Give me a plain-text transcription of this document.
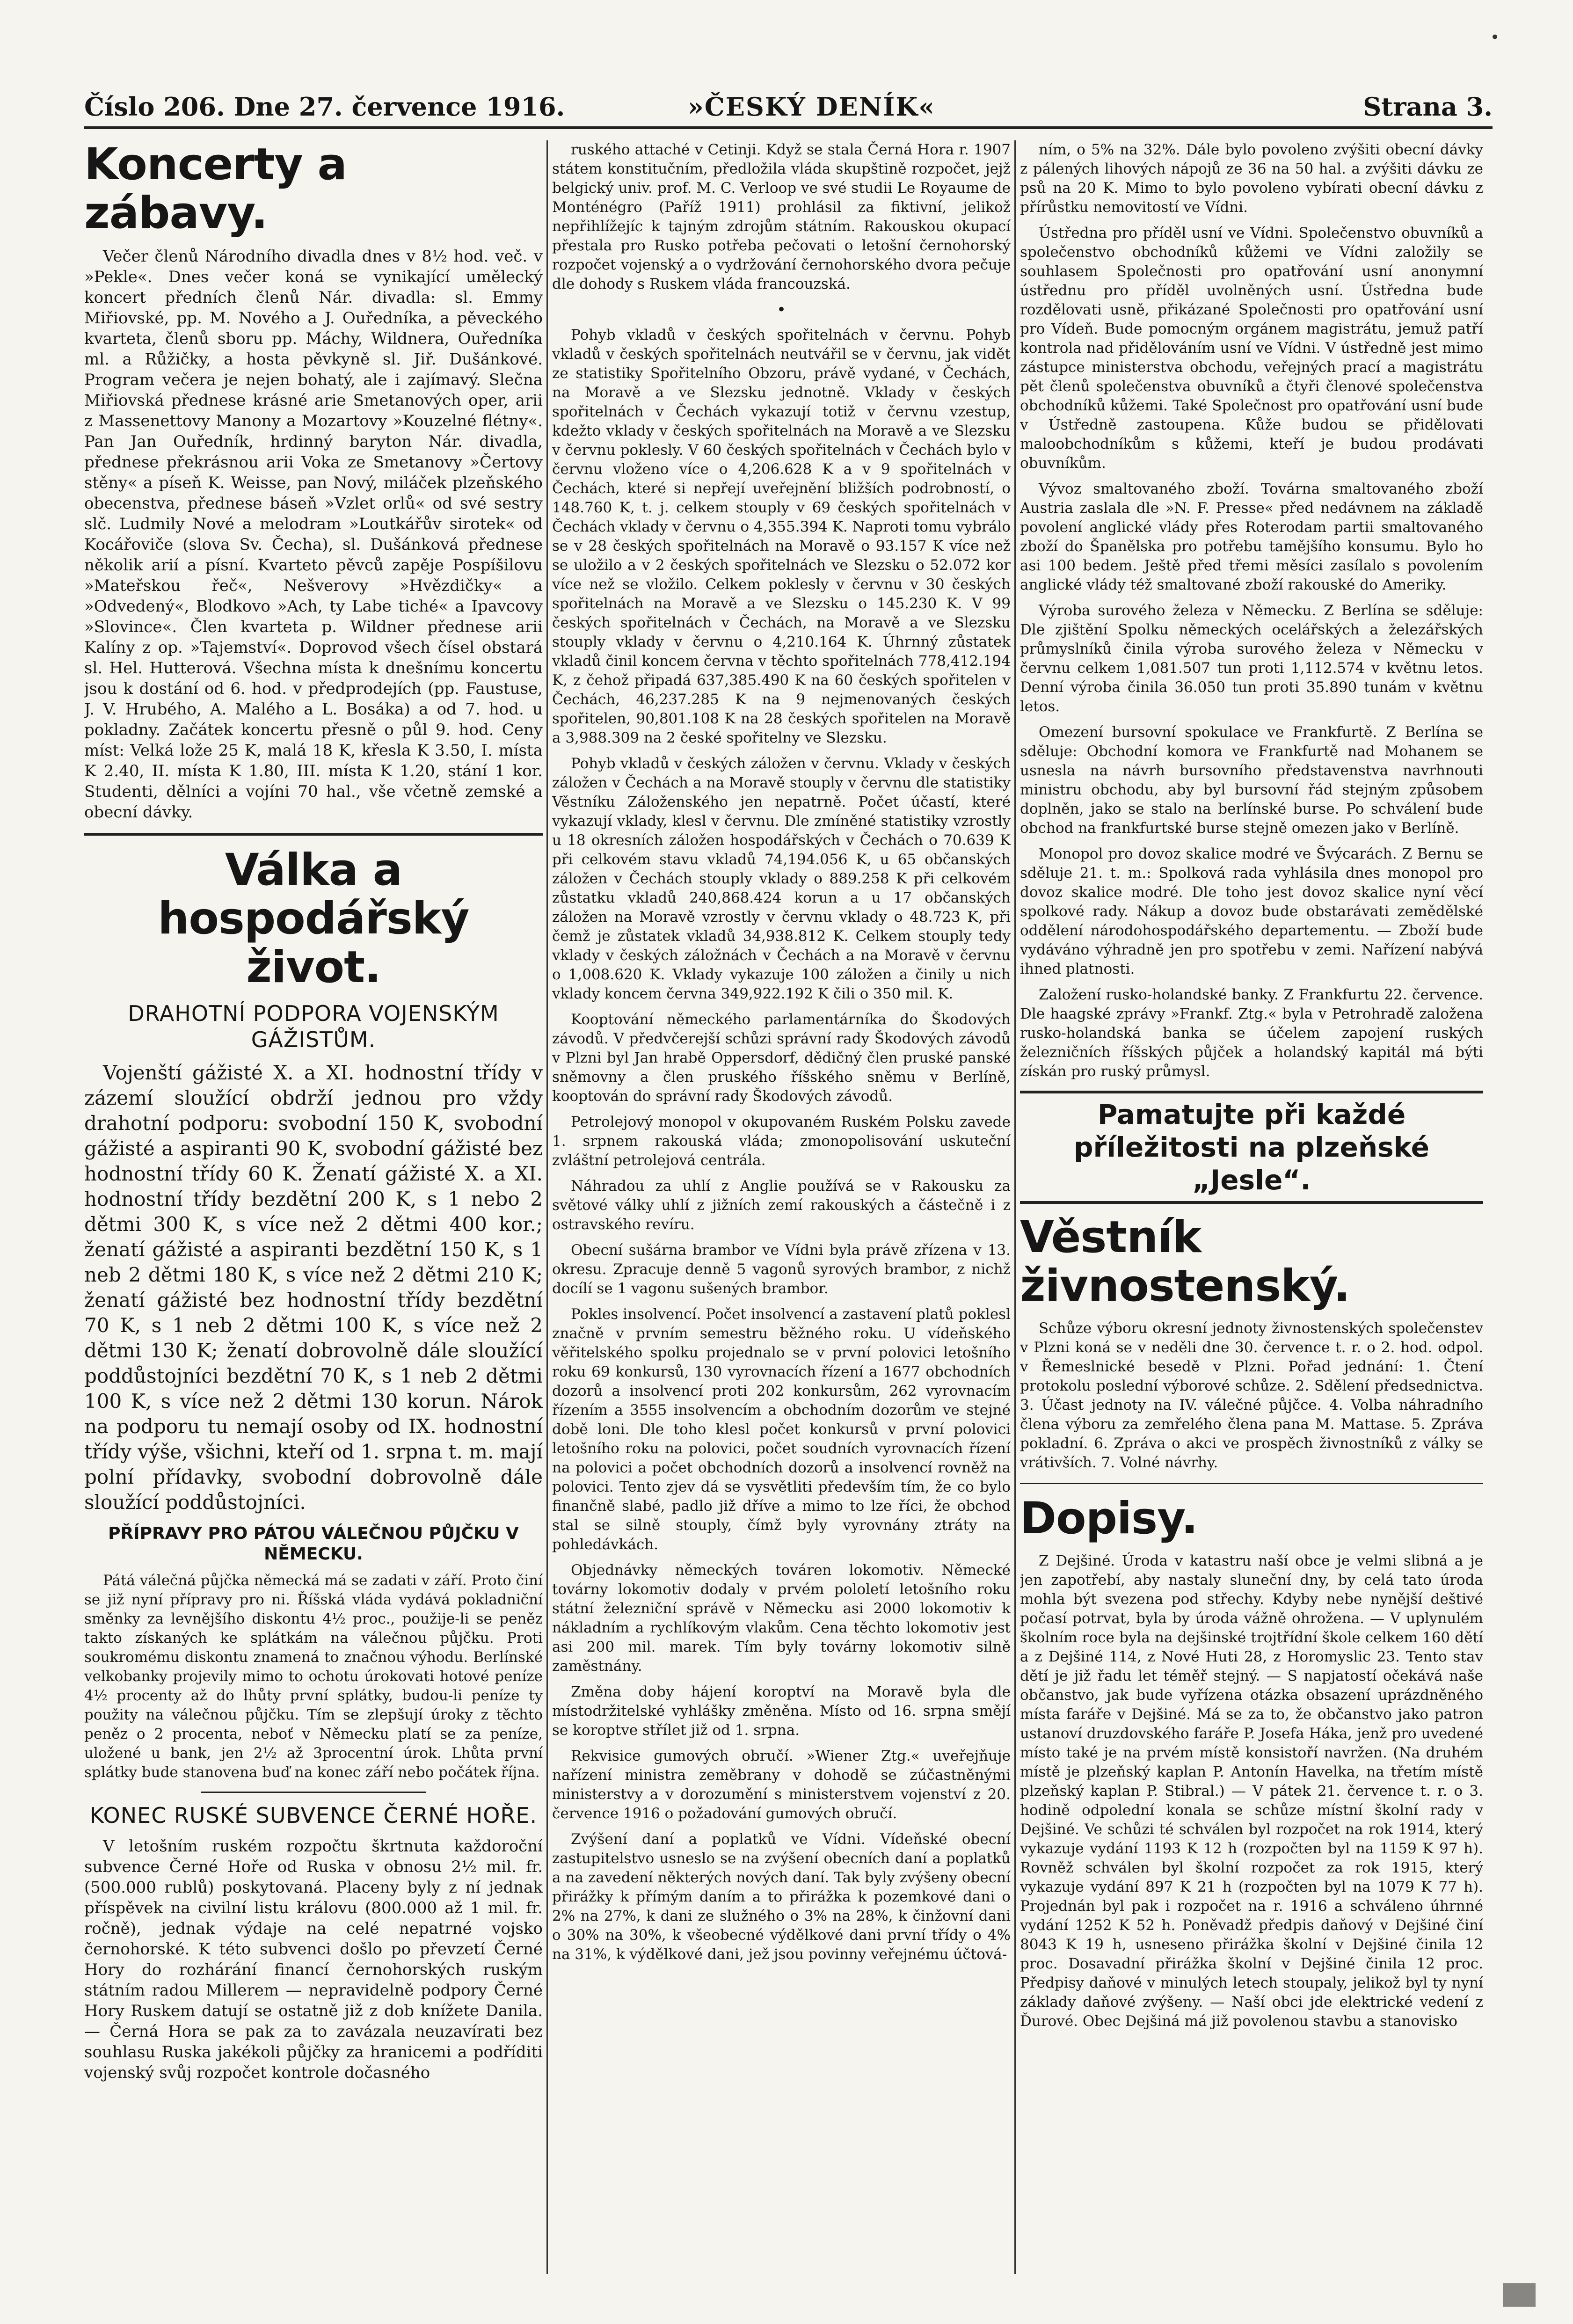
Číslo 206. Dne 27. července 1916.	»ČESKÝ DENÍK«	Strana 3.
Koncerty a zábavy.

Večer členů Národního divadla dnes v 8½ hod. več. v »Peklе«. Dnes večer koná se vynikající umělecký koncert předních členů Nár. divadla: sl. Emmy Miřiovské, pp. M. Nového a J. Ouředníka, a pěveckého kvarteta, členů sboru pp. Máchy, Wildnera, Ouředníka ml. a Růžičky, a hosta pěvkyně sl. Jiř. Dušánkové. Program večera je nejen bohatý, ale i zajímavý. Slečna Miřiovská přednese krásné arie Smetanových oper, arii z Massenettovy Manony a Mozartovy »Kouzelné flétny«. Pan Jan Ouředník, hrdinný baryton Nár. divadla, přednese překrásnou arii Voka ze Smetanovy »Čertovy stěny« a píseň K. Weisse, pan Nový, miláček plzeňského obecenstva, přednese báseň »Vzlet orlů« od své sestry slč. Ludmily Nové a melodram »Loutkářův sirotek« od Kocářoviče (slova Sv. Čecha), sl. Dušánková přednese několik arií a písní. Kvarteto pěvců zapěje Pospíšilovu »Mateřskou řeč«, Nešverovy »Hvězdičky« a »Odvedený«, Blodkovo »Ach, ty Labe tiché« a Ipavcovy »Slovince«. Člen kvarteta p. Wildner přednese arii Kalíny z op. »Tajemství«. Doprovod všech čísel obstará sl. Hel. Hutterová. Všechna místa k dnešnímu koncertu jsou k dostání od 6. hod. v předprodejích (pp. Faustuse, J. V. Hrubého, A. Malého a L. Bosáka) a od 7. hod. u pokladny. Začátek koncertu přesně o půl 9. hod. Ceny míst: Velká lože 25 K, malá 18 K, křesla K 3.50, I. místa K 2.40, II. místa K 1.80, III. místa K 1.20, stání 1 kor. Studenti, dělníci a vojíni 70 hal., vše včetně zemské a obecní dávky.

Válka a hospodářský život.
DRAHOTNÍ PODPORA VOJENSKÝM GÁŽISTŮM.

Vojenští gážisté X. a XI. hodnostní třídy v zázemí sloužící obdrží jednou pro vždy drahotní podporu: svobodní 150 K, svobodní gážisté a aspiranti 90 K, svobodní gážisté bez hodnostní třídy 60 K. Ženatí gážisté X. a XI. hodnostní třídy bezdětní 200 K, s 1 nebo 2 dětmi 300 K, s více než 2 dětmi 400 kor.; ženatí gážisté a aspiranti bezdětní 150 K, s 1 neb 2 dětmi 180 K, s více než 2 dětmi 210 K; ženatí gážisté bez hodnostní třídy bezdětní 70 K, s 1 neb 2 dětmi 100 K, s více než 2 dětmi 130 K; ženatí dobrovolně dále sloužící poddůstojníci bezdětní 70 K, s 1 neb 2 dětmi 100 K, s více než 2 dětmi 130 korun. Nárok na podporu tu nemají osoby od IX. hodnostní třídy výše, všichni, kteří od 1. srpna t. m. mají polní přídavky, svobodní dobrovolně dále sloužící poddůstojníci.

PŘÍPRAVY PRO PÁTOU VÁLEČNOU PŮJČKU V NĚMECKU.

Pátá válečná půjčka německá má se zadati v září. Proto činí se již nyní přípravy pro ni. Říšská vláda vydává pokladniční směnky za levnějšího diskontu 4½ proc., použije-li se peněz takto získaných ke splátkám na válečnou půjčku. Proti soukromému diskontu znamená to značnou výhodu. Berlínské velkobanky projevily mimo to ochotu úrokovati hotové peníze 4½ procenty až do lhůty první splátky, budou-li peníze ty použity na válečnou půjčku. Tím se zlepšují úroky z těchto peněz o 2 procenta, neboť v Německu platí se za peníze, uložené u bank, jen 2½ až 3procentní úrok. Lhůta první splátky bude stanovena buď na konec září nebo počátek října.

KONEC RUSKÉ SUBVENCE ČERNÉ HOŘE.

V letošním ruském rozpočtu škrtnuta každoroční subvence Černé Hoře od Ruska v obnosu 2½ mil. fr. (500.000 rublů) poskytovaná. Placeny byly z ní jednak příspěvek na civilní listu královu (800.000 až 1 mil. fr. ročně), jednak výdaje na celé nepatrné vojsko černohorské. K této subvenci došlo po převzetí Černé Hory do rozhárání financí černohorských ruským státním radou Millerem — nepravidelně podpory Černé Hory Ruskem datují se ostatně již z dob knížete Danila. — Černá Hora se pak za to zavázala neuzavírati bez souhlasu Ruska jakékoli půjčky za hranicemi a podříditi vojenský svůj rozpočet kontrole dočasného

ruského attaché v Cetinji. Když se stala Černá Hora r. 1907 státem konstitučním, předložila vláda skupštině rozpočet, jejž belgický univ. prof. M. C. Verloop ve své studii Le Royaume de Monténégro (Paříž 1911) prohlásil za fiktivní, jelikož nepřihlížejíc k tajným zdrojům státním. Rakouskou okupací přestala pro Rusko potřeba pečovati o letošní černohorský rozpočet vojenský a o vydržování černohorského dvora pečuje dle dohody s Ruskem vláda francouzská.

•

Pohyb vkladů v českých spořitelnách v červnu. Pohyb vkladů v českých spořitelnách neutvářil se v červnu, jak vidět ze statistiky Spořitelního Obzoru, právě vydané, v Čechách, na Moravě a ve Slezsku jednotně. Vklady v českých spořitelnách v Čechách vykazují totiž v červnu vzestup, kdežto vklady v českých spořitelnách na Moravě a ve Slezsku v červnu poklesly. V 60 českých spořitelnách v Čechách bylo v červnu vloženo více o 4,206.628 K a v 9 spořitelnách v Čechách, které si nepřejí uveřejnění bližších podrobností, o 148.760 K, t. j. celkem stouply v 69 českých spořitelnách v Čechách vklady v červnu o 4,355.394 K. Naproti tomu vybrálo se v 28 českých spořitelnách na Moravě o 93.157 K více než se uložilo a v 2 českých spořitelnách ve Slezsku o 52.072 kor více než se vložilo. Celkem poklesly v červnu v 30 českých spořitelnách na Moravě a ve Slezsku o 145.230 K. V 99 českých spořitelnách v Čechách, na Moravě a ve Slezsku stouply vklady v červnu o 4,210.164 K. Úhrnný zůstatek vkladů činil koncem června v těchto spořitelnách 778,412.194 K, z čehož připadá 637,385.490 K na 60 českých spořitelen v Čechách, 46,237.285 K na 9 nejmenovaných českých spořitelen, 90,801.108 K na 28 českých spořitelen na Moravě a 3,988.309 na 2 české spořitelny ve Slezsku.

Pohyb vkladů v českých záložen v červnu. Vklady v českých záložen v Čechách a na Moravě stouply v červnu dle statistiky Věstníku Záloženského jen nepatrně. Počet účastí, které vykazují vklady, klesl v červnu. Dle zmíněné statistiky vzrostly u 18 okresních záložen hospodářských v Čechách o 70.639 K při celkovém stavu vkladů 74,194.056 K, u 65 občanských záložen v Čechách stouply vklady o 889.258 K při celkovém zůstatku vkladů 240,868.424 korun a u 17 občanských záložen na Moravě vzrostly v červnu vklady o 48.723 K, při čemž je zůstatek vkladů 34,938.812 K. Celkem stouply tedy vklady v českých záložnách v Čechách a na Moravě v červnu o 1,008.620 K. Vklady vykazuje 100 záložen a činily u nich vklady koncem června 349,922.192 K čili o 350 mil. K.

Kooptování německého parlamentárníka do Škodových závodů. V předvčerejší schůzi správní rady Škodových závodů v Plzni byl Jan hrabě Oppersdorf, dědičný člen pruské panské sněmovny a člen pruského říšského sněmu v Berlíně, kooptován do správní rady Škodových závodů.

Petrolejový monopol v okupovaném Ruském Polsku zavede 1. srpnem rakouská vláda; zmonopolisování uskuteční zvláštní petrolejová centrála.

Náhradou za uhlí z Anglie používá se v Rakousku za světové války uhlí z jižních zemí rakouských a částečně i z ostravského revíru.

Obecní sušárna brambor ve Vídni byla právě zřízena v 13. okresu. Zpracuje denně 5 vagonů syrových brambor, z nichž docílí se 1 vagonu sušených brambor.

Pokles insolvencí. Počet insolvencí a zastavení platů poklesl značně v prvním semestru běžného roku. U vídeňského věřitelského spolku projednalo se v první polovici letošního roku 69 konkursů, 130 vyrovnacích řízení a 1677 obchodních dozorů a insolvencí proti 202 konkursům, 262 vyrovnacím řízením a 3555 insolvencím a obchodním dozorům ve stejné době loni. Dle toho klesl počet konkursů v první polovici letošního roku na polovici, počet soudních vyrovnacích řízení na polovici a počet obchodních dozorů a insolvencí rovněž na polovici. Tento zjev dá se vysvětliti především tím, že co bylo finančně slabé, padlo již dříve a mimo to lze říci, že obchod stal se silně stouply, čímž byly vyrovnány ztráty na pohledávkách.

Objednávky německých továren lokomotiv. Německé továrny lokomotiv dodaly v prvém pololetí letošního roku státní železniční správě v Německu asi 2000 lokomotiv k nákladním a rychlíkovým vlakům. Cena těchto lokomotiv jest asi 200 mil. marek. Tím byly továrny lokomotiv silně zaměstnány.

Změna doby hájení koroptví na Moravě byla dle místodržitelské vyhlášky změněna. Místo od 16. srpna smějí se koroptve střílet již od 1. srpna.

Rekvisice gumových obručí. »Wiener Ztg.« uveřejňuje nařízení ministra zeměbrany v dohodě se zúčastněnými ministerstvy a v dorozumění s ministerstvem vojenství z 20. července 1916 o požadování gumových obručí.

Zvýšení daní a poplatků ve Vídni. Vídeňské obecní zastupitelstvo usneslo se na zvýšení obecních daní a poplatků a na zavedení některých nových daní. Tak byly zvýšeny obecní přirážky k přímým daním a to přirážka k pozemkové dani o 2% na 27%, k dani ze služného o 3% na 28%, k činžovní dani o 30% na 30%, k všeobecné výdělkové dani první třídy o 4% na 31%, k výdělkové dani, jež jsou povinny veřejnému účtová-

ním, o 5% na 32%. Dále bylo povoleno zvýšiti obecní dávky z pálených lihových nápojů ze 36 na 50 hal. a zvýšiti dávku ze psů na 20 K. Mimo to bylo povoleno vybírati obecní dávku z přírůstku nemovitostí ve Vídni.

Ústředna pro příděl usní ve Vídni. Společenstvo obuvníků a společenstvo obchodníků kůžemi ve Vídni založily se souhlasem Společnosti pro opatřování usní anonymní ústřednu pro příděl uvolněných usní. Ústředna bude rozdělovati usně, přikázané Společnosti pro opatřování usní pro Vídeň. Bude pomocným orgánem magistrátu, jemuž patří kontrola nad přidělováním usní ve Vídni. V ústředně jest mimo zástupce ministerstva obchodu, veřejných prací a magistrátu pět členů společenstva obuvníků a čtyři členové společenstva obchodníků kůžemi. Také Společnost pro opatřování usní bude v Ústředně zastoupena. Kůže budou se přidělovati maloobchodníkům s kůžemi, kteří je budou prodávati obuvníkům.

Vývoz smaltovaného zboží. Továrna smaltovaného zboží Austria zaslala dle »N. F. Presse« před nedávnem na základě povolení anglické vlády přes Roterodam partii smaltovaného zboží do Španělska pro potřebu tamějšího konsumu. Bylo ho asi 100 bedem. Ještě před třemi měsíci zasílalo s povolením anglické vlády též smaltované zboží rakouské do Ameriky.

Výroba surového železa v Německu. Z Berlína se sděluje: Dle zjištění Spolku německých ocelářských a železářských průmyslníků činila výroba surového železa v Německu v červnu celkem 1,081.507 tun proti 1,112.574 v květnu letos. Denní výroba činila 36.050 tun proti 35.890 tunám v květnu letos.

Omezení bursovní spokulace ve Frankfurtě. Z Berlína se sděluje: Obchodní komora ve Frankfurtě nad Mohanem se usnesla na návrh bursovního představenstva navrhnouti ministru obchodu, aby byl bursovní řád stejným způsobem doplněn, jako se stalo na berlínské burse. Po schválení bude obchod na frankfurtské burse stejně omezen jako v Berlíně.

Monopol pro dovoz skalice modré ve Švýcarách. Z Bernu se sděluje 21. t. m.: Spolková rada vyhlásila dnes monopol pro dovoz skalice modré. Dle toho jest dovoz skalice nyní věcí spolkové rady. Nákup a dovoz bude obstarávati zemědělské oddělení národohospodářského departementu. — Zboží bude vydáváno výhradně jen pro spotřebu v zemi. Nařízení nabývá ihned platnosti.

Založení rusko-holandské banky. Z Frankfurtu 22. července. Dle haagské zprávy »Frankf. Ztg.« byla v Petrohradě založena rusko-holandská banka se účelem zapojení ruských železničních říšských půjček a holandský kapitál má býti získán pro ruský průmysl.

Pamatujte při každé příležitosti na plzeňské „Jesle“.
Věstník živnostenský.

Schůze výboru okresní jednoty živnostenských společenstev v Plzni koná se v neděli dne 30. července t. r. o 2. hod. odpol. v Řemeslnické besedě v Plzni. Pořad jednání: 1. Čtení protokolu poslední výborové schůze. 2. Sdělení předsednictva. 3. Účast jednoty na IV. válečné půjčce. 4. Volba náhradního člena výboru za zemřelého člena pana M. Mattase. 5. Zpráva pokladní. 6. Zpráva o akci ve prospěch živnostníků z války se vrátivších. 7. Volné návrhy.

Dopisy.

Z Dejšiné. Úroda v katastru naší obce je velmi slibná a je jen zapotřebí, aby nastaly sluneční dny, by celá tato úroda mohla být svezena pod střechy. Kdyby nebe nynější deštivé počasí potrvat, byla by úroda vážně ohrožena. — V uplynulém školním roce byla na dejšinské trojtřídní škole celkem 160 dětí a z Dejšiné 114, z Nové Huti 28, z Horomyslic 23. Tento stav dětí je již řadu let téměř stejný. — S napjatostí očekává naše občanstvo, jak bude vyřízena otázka obsazení uprázdněného místa faráře v Dejšiné. Má se za to, že občanstvo jako patron ustanoví druzdovského faráře P. Josefa Háka, jenž pro uvedené místo také je na prvém místě konsistoří navržen. (Na druhém místě je plzeňský kaplan P. Antonín Havelka, na třetím místě plzeňský kaplan P. Stibral.) — V pátek 21. července t. r. o 3. hodině odpolední konala se schůze místní školní rady v Dejšiné. Ve schůzi té schválen byl rozpočet na rok 1914, který vykazuje vydání 1193 K 12 h (rozpočten byl na 1159 K 97 h). Rovněž schválen byl školní rozpočet za rok 1915, který vykazuje vydání 897 K 21 h (rozpočten byl na 1079 K 77 h). Projednán byl pak i rozpočet na r. 1916 a schváleno úhrnné vydání 1252 K 52 h. Poněvadž předpis daňový v Dejšiné činí 8043 K 19 h, usneseno přirážka školní v Dejšiné činila 12 proc. Dosavadní přirážka školní v Dejšiné činila 12 proc. Předpisy daňové v minulých letech stoupaly, jelikož byl ty nyní základy daňové zvýšeny. — Naší obci jde elektrické vedení z Ďurové. Obec Dejšiná má již povolenou stavbu a stanovisko

•
